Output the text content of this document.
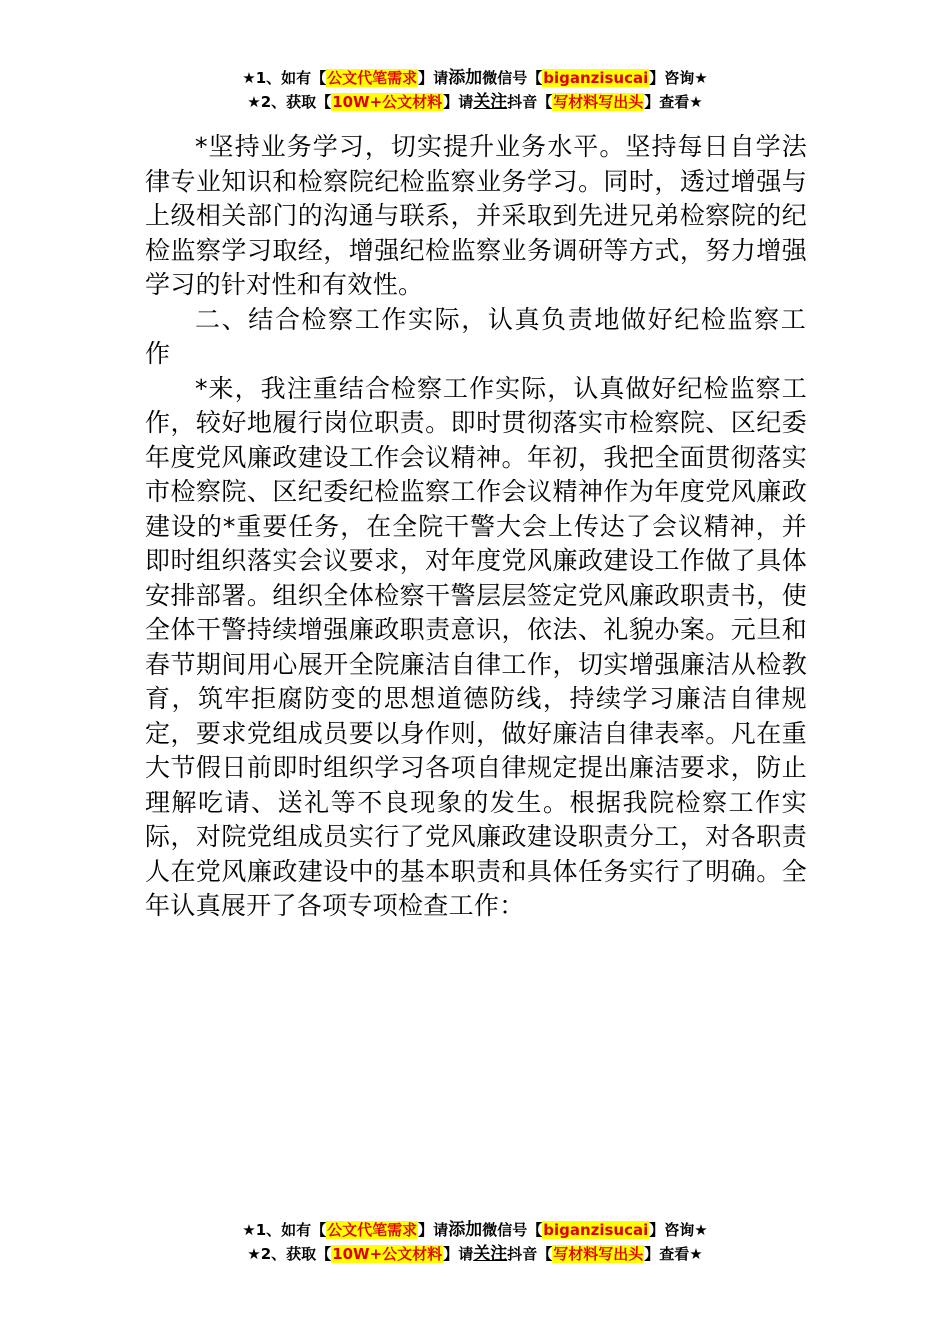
★1、如有【公文代笔需求】请添加微信号【biganzisucai】咨询★
★2、获取【10W+公文材料】请关注抖音【写材料写出头】查看★

*坚持业务学习，切实提升业务水平。坚持每日自学法律专业知识和检察院纪检监察业务学习。同时，透过增强与上级相关部门的沟通与联系，并采取到先进兄弟检察院的纪检监察学习取经，增强纪检监察业务调研等方式，努力增强学习的针对性和有效性。

二、结合检察工作实际，认真负责地做好纪检监察工作

*来，我注重结合检察工作实际，认真做好纪检监察工作，较好地履行岗位职责。即时贯彻落实市检察院、区纪委年度党风廉政建设工作会议精神。年初，我把全面贯彻落实市检察院、区纪委纪检监察工作会议精神作为年度党风廉政建设的*重要任务，在全院干警大会上传达了会议精神，并即时组织落实会议要求，对年度党风廉政建设工作做了具体安排部署。组织全体检察干警层层签定党风廉政职责书，使全体干警持续增强廉政职责意识，依法、礼貌办案。元旦和春节期间用心展开全院廉洁自律工作，切实增强廉洁从检教育，筑牢拒腐防变的思想道德防线，持续学习廉洁自律规定，要求党组成员要以身作则，做好廉洁自律表率。凡在重大节假日前即时组织学习各项自律规定提出廉洁要求，防止理解吃请、送礼等不良现象的发生。根据我院检察工作实际，对院党组成员实行了党风廉政建设职责分工，对各职责人在党风廉政建设中的基本职责和具体任务实行了明确。全年认真展开了各项专项检查工作：

★1、如有【公文代笔需求】请添加微信号【biganzisucai】咨询★
★2、获取【10W+公文材料】请关注抖音【写材料写出头】查看★
